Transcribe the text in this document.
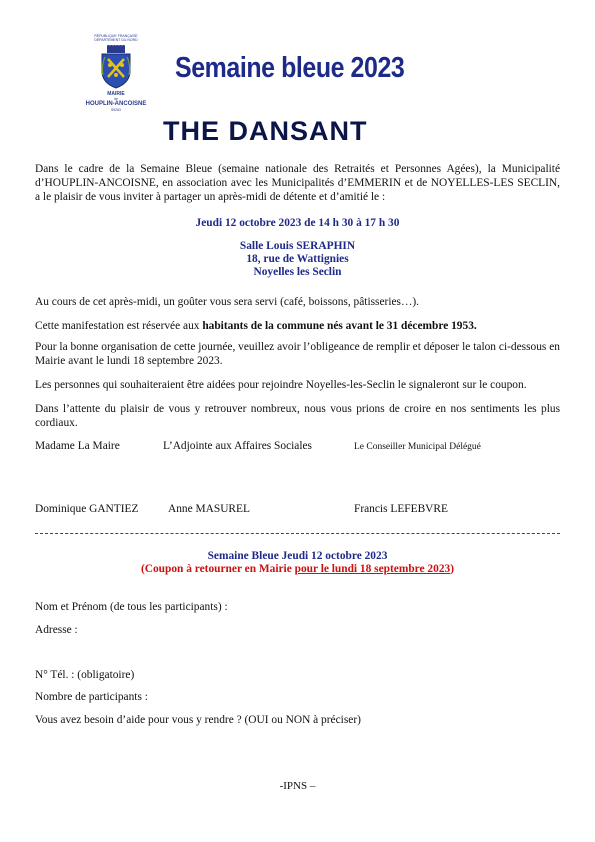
RÉPUBLIQUE FRANÇAISE
DÉPARTEMENT DU NORD
MAIRIE
de
HOUPLIN-ANCOISNE
59263
Semaine bleue 2023
THE DANSANT
Dans le cadre de la Semaine Bleue (semaine nationale des Retraités et Personnes Agées), la Municipalité d’HOUPLIN-ANCOISNE, en association avec les Municipalités d’EMMERIN et de NOYELLES-LES SECLIN, a le plaisir de vous inviter à partager un après-midi de détente et d’amitié le :
Jeudi 12 octobre 2023 de 14 h 30 à 17 h 30
Salle Louis SERAPHIN
18, rue de Wattignies
Noyelles les Seclin
Au cours de cet après-midi, un goûter vous sera servi (café, boissons, pâtisseries…).
Cette manifestation est réservée aux habitants de la commune nés avant le 31 décembre 1953.
Pour la bonne organisation de cette journée, veuillez avoir l’obligeance de remplir et déposer le talon ci-dessous en Mairie avant le lundi 18 septembre 2023.
Les personnes qui souhaiteraient être aidées pour rejoindre Noyelles-les-Seclin le signaleront sur le coupon.
Dans l’attente du plaisir de vous y retrouver nombreux, nous vous prions de croire en nos sentiments les plus cordiaux.
Madame La Maire	L’Adjointe aux Affaires Sociales	Le Conseiller Municipal Délégué
Dominique GANTIEZ	Anne MASUREL	Francis LEFEBVRE
Semaine Bleue Jeudi 12 octobre 2023
(Coupon à retourner en Mairie pour le lundi 18 septembre 2023)
Nom et Prénom (de tous les participants) :
Adresse :
N° Tél. : (obligatoire)
Nombre de participants :
Vous avez besoin d’aide pour vous y rendre ? (OUI ou NON à préciser)
-IPNS –
